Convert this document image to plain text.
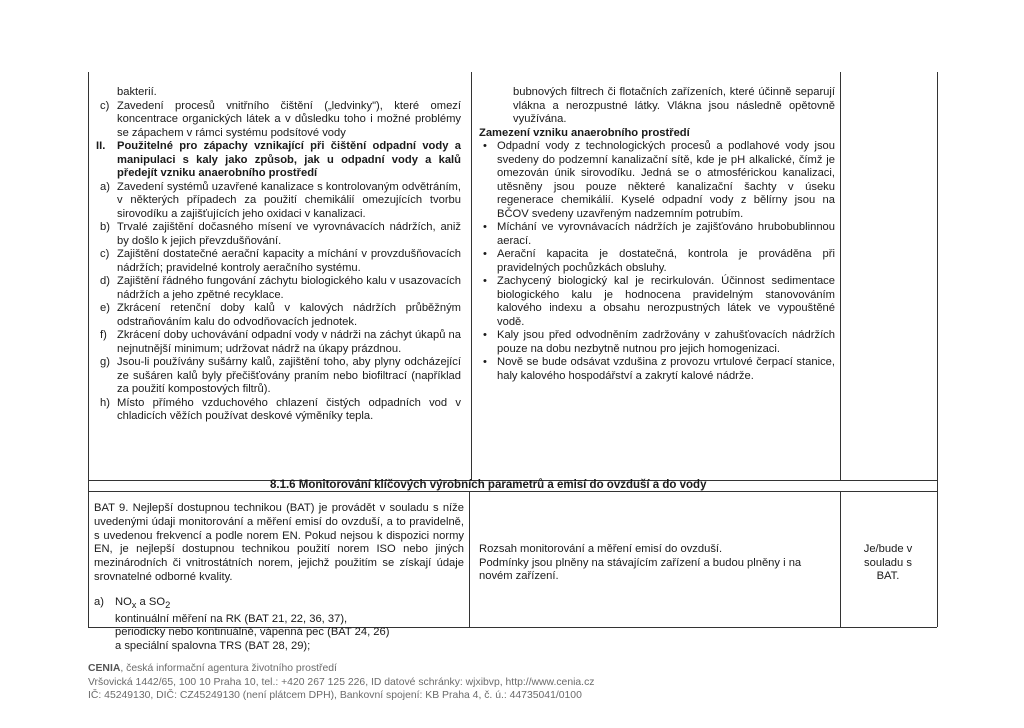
bakterií.

c) Zavedení procesů vnitřního čištění („ledvinky"), které omezí koncentrace organických látek a v důsledku toho i možné problémy se zápachem v rámci systému podsítové vody
II. Použitelné pro zápachy vznikající při čištění odpadní vody a manipulaci s kaly jako způsob, jak u odpadní vody a kalů předejít vzniku anaerobního prostředí
a) Zavedení systémů uzavřené kanalizace s kontrolovaným odvětráním, v některých případech za použití chemikálií omezujících tvorbu sirovodíku a zajišťujících jeho oxidaci v kanalizaci.
b) Trvalé zajištění dočasného mísení ve vyrovnávacích nádržích, aniž by došlo k jejich převzdušňování.
c) Zajištění dostatečné aerační kapacity a míchání v provzdušňovacích nádržích; pravidelné kontroly aeračního systému.
d) Zajištění řádného fungování záchytu biologického kalu v usazovacích nádržích a jeho zpětné recyklace.
e) Zkrácení retenční doby kalů v kalových nádržích průběžným odstraňováním kalu do odvodňovacích jednotek.
f) Zkrácení doby uchovávání odpadní vody v nádrži na záchyt úkapů na nejnutnější minimum; udržovat nádrž na úkapy prázdnou.
g) Jsou-li používány sušárny kalů, zajištění toho, aby plyny odcházející ze sušáren kalů byly přečišťovány praním nebo biofiltrací (například za použití kompostových filtrů).
h) Místo přímého vzduchového chlazení čistých odpadních vod v chladicích věžích používat deskové výměníky tepla.

bubnových filtrech či flotačních zařízeních, které účinně separují vlákna a nerozpustné látky. Vlákna jsou následně opětovně využívána.

Zamezení vzniku anaerobního prostředí

• Odpadní vody z technologických procesů a podlahové vody jsou svedeny do podzemní kanalizační sítě, kde je pH alkalické, čímž je omezován únik sirovodíku. Jedná se o atmosférickou kanalizaci, utěsněny jsou pouze některé kanalizační šachty v úseku regenerace chemikálií. Kyselé odpadní vody z bělírny jsou na BČOV svedeny uzavřeným nadzemním potrubím.
• Míchání ve vyrovnávacích nádržích je zajišťováno hrubobublinnou aerací.
• Aerační kapacita je dostatečná, kontrola je prováděna při pravidelných pochůzkách obsluhy.
• Zachycený biologický kal je recirkulován. Účinnost sedimentace biologického kalu je hodnocena pravidelným stanovováním kalového indexu a obsahu nerozpustných látek ve vypouštěné vodě.
• Kaly jsou před odvodněním zadržovány v zahušťovacích nádržích pouze na dobu nezbytně nutnou pro jejich homogenizaci.
• Nově se bude odsávat vzdušina z provozu vrtulové čerpací stanice, haly kalového hospodářství a zakrytí kalové nádrže.
8.1.6 Monitorování klíčových výrobních parametrů a emisí do ovzduší a do vody

BAT 9. Nejlepší dostupnou technikou (BAT) je provádět v souladu s níže uvedenými údaji monitorování a měření emisí do ovzduší, a to pravidelně, s uvedenou frekvencí a podle norem EN. Pokud nejsou k dispozici normy EN, je nejlepší dostupnou technikou použití norem ISO nebo jiných mezinárodních či vnitrostátních norem, jejichž použitím se získají údaje srovnatelné odborné kvality.

a) $NO_x$ a $SO_2$
kontinuální měření na RK (BAT 21, 22, 36, 37),
periodicky nebo kontinuálně, vápenná pec (BAT 24, 26)
a speciální spalovna TRS (BAT 28, 29);

Rozsah monitorování a měření emisí do ovzduší.

Podmínky jsou plněny na stávajícím zařízení a budou plněny i na novém zařízení.

Je/bude v souladu s BAT.

CENIA, česká informační agentura životního prostředí
Vršovická 1442/65, 100 10 Praha 10, tel.: +420 267 125 226, ID datové schránky: wjxibvp, http://www.cenia.cz
IČ: 45249130, DIČ: CZ45249130 (není plátcem DPH), Bankovní spojení: KB Praha 4, č. ú.: 44735041/0100
